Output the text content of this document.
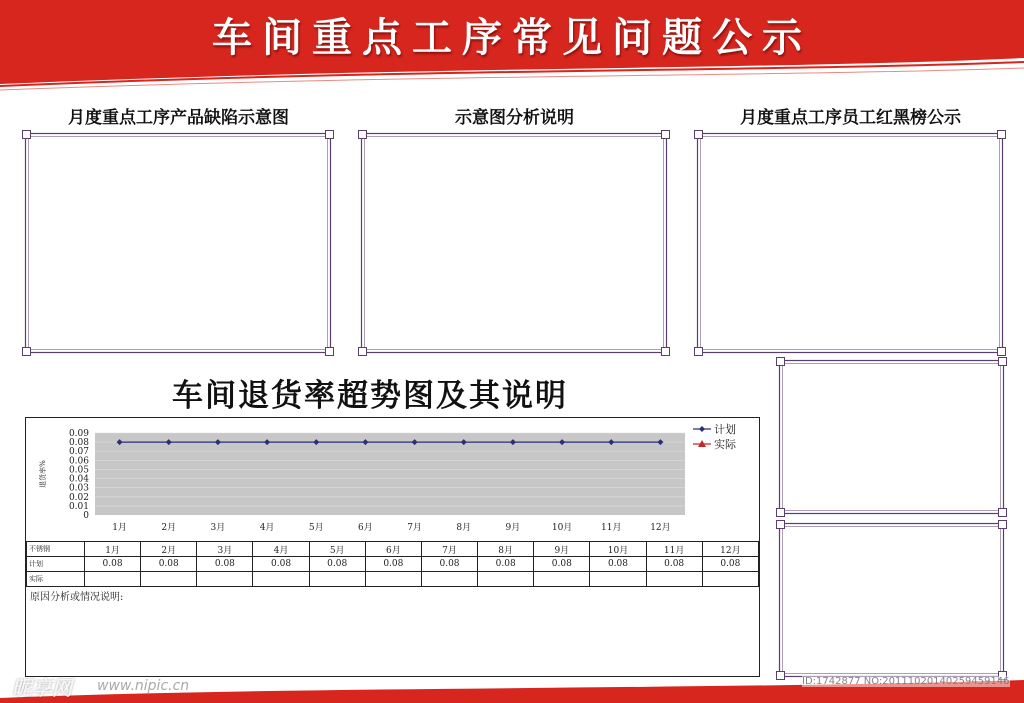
车间重点工序常见问题公示
月度重点工序产品缺陷示意图	示意图分析说明	月度重点工序员工红黑榜公示
车间退货率超势图及其说明
0
0.01
0.02
0.03
0.04
0.05
0.06
0.07
0.08
0.09
退货率%
1月	2月	3月	4月	5月	6月	7月	8月	9月	10月	11月	12月
计划
实际
不锈钢	1月	2月	3月	4月	5月	6月	7月	8月	9月	10月	11月	12月
计划	0.08	0.08	0.08	0.08	0.08	0.08	0.08	0.08	0.08	0.08	0.08	0.08
实际												
原因分析或情况说明:
昵享网 www.nipic.cn	ID:1742877 NO:20111020140259459146
